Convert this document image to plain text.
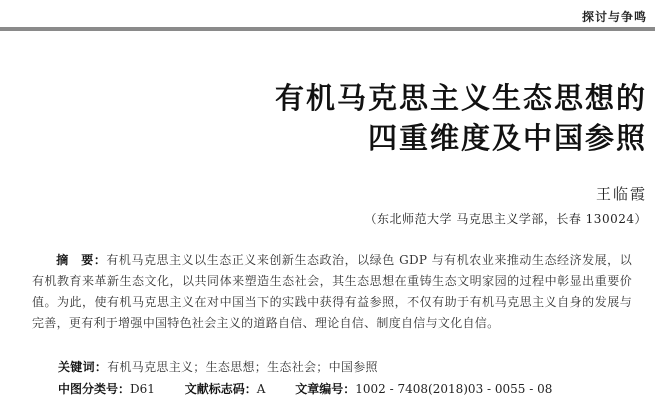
探讨与争鸣
有机马克思主义生态思想的
四重维度及中国参照
王临霞
（东北师范大学 马克思主义学部，长春 130024）
摘　要：有机马克思主义以生态正义来创新生态政治，以绿色 GDP 与有机农业来推动生态经济发展，以有机教育来革新生态文化，以共同体来塑造生态社会，其生态思想在重铸生态文明家园的过程中彰显出重要价值。为此，使有机马克思主义在对中国当下的实践中获得有益参照，不仅有助于有机马克思主义自身的发展与完善，更有利于增强中国特色社会主义的道路自信、理论自信、制度自信与文化自信。
关键词：有机马克思主义；生态思想；生态社会；中国参照
中图分类号：D61 文献标志码：A 文章编号：1002 - 7408(2018)03 - 0055 - 08
